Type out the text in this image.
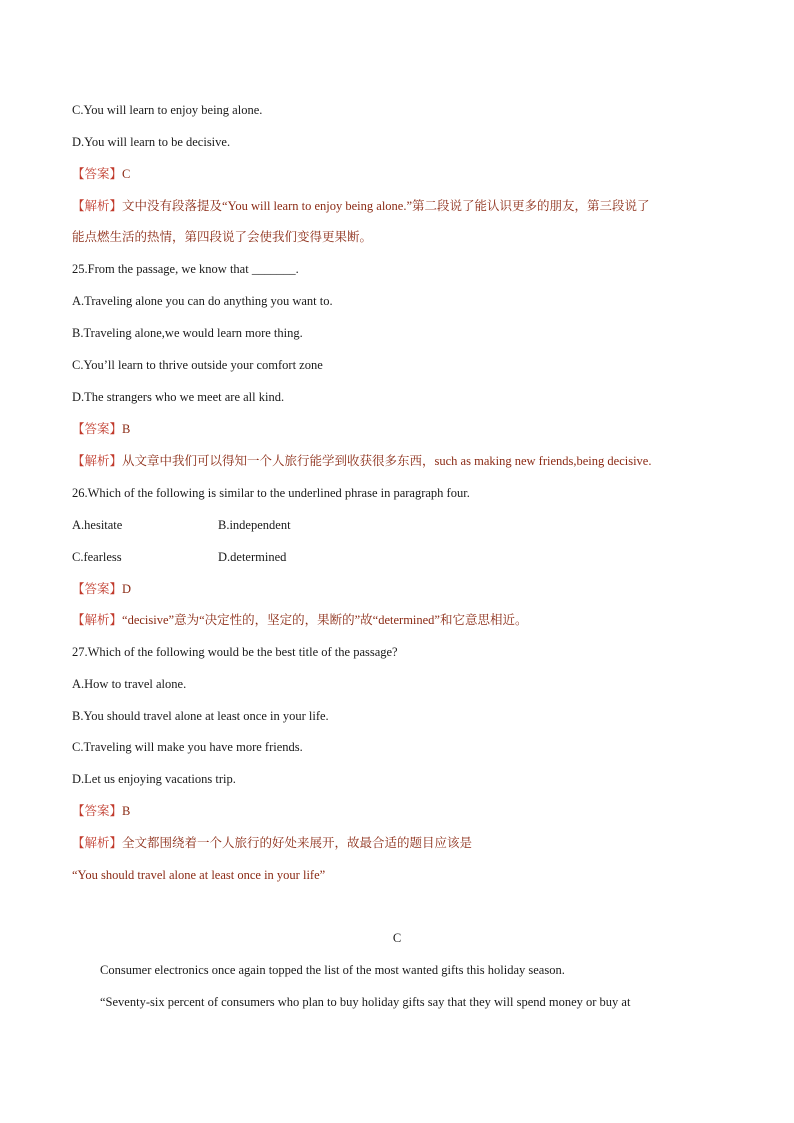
C.You will learn to enjoy being alone.
D.You will learn to be decisive.
【答案】C
【解析】文中没有段落提及“You will learn to enjoy being alone.”第二段说了能认识更多的朋友，第三段说了
能点燃生活的热情，第四段说了会使我们变得更果断。
25.From the passage, we know that _______.
A.Traveling alone you can do anything you want to.
B.Traveling alone,we would learn more thing.
C.You’ll learn to thrive outside your comfort zone
D.The strangers who we meet are all kind.
【答案】B
【解析】从文章中我们可以得知一个人旅行能学到收获很多东西，such as making new friends,being decisive.
26.Which of the following is similar to the underlined phrase in paragraph four.
A.hesitate	B.independent
C.fearless	D.determined
【答案】D
【解析】“decisive”意为“决定性的，坚定的，果断的”故“determined”和它意思相近。
27.Which of the following would be the best title of the passage?
A.How to travel alone.
B.You should travel alone at least once in your life.
C.Traveling will make you have more friends.
D.Let us enjoying vacations trip.
【答案】B
【解析】全文都围绕着一个人旅行的好处来展开，故最合适的题目应该是
“You should travel alone at least once in your life”
C
Consumer electronics once again topped the list of the most wanted gifts this holiday season.
“Seventy-six percent of consumers who plan to buy holiday gifts say that they will spend money or buy at
